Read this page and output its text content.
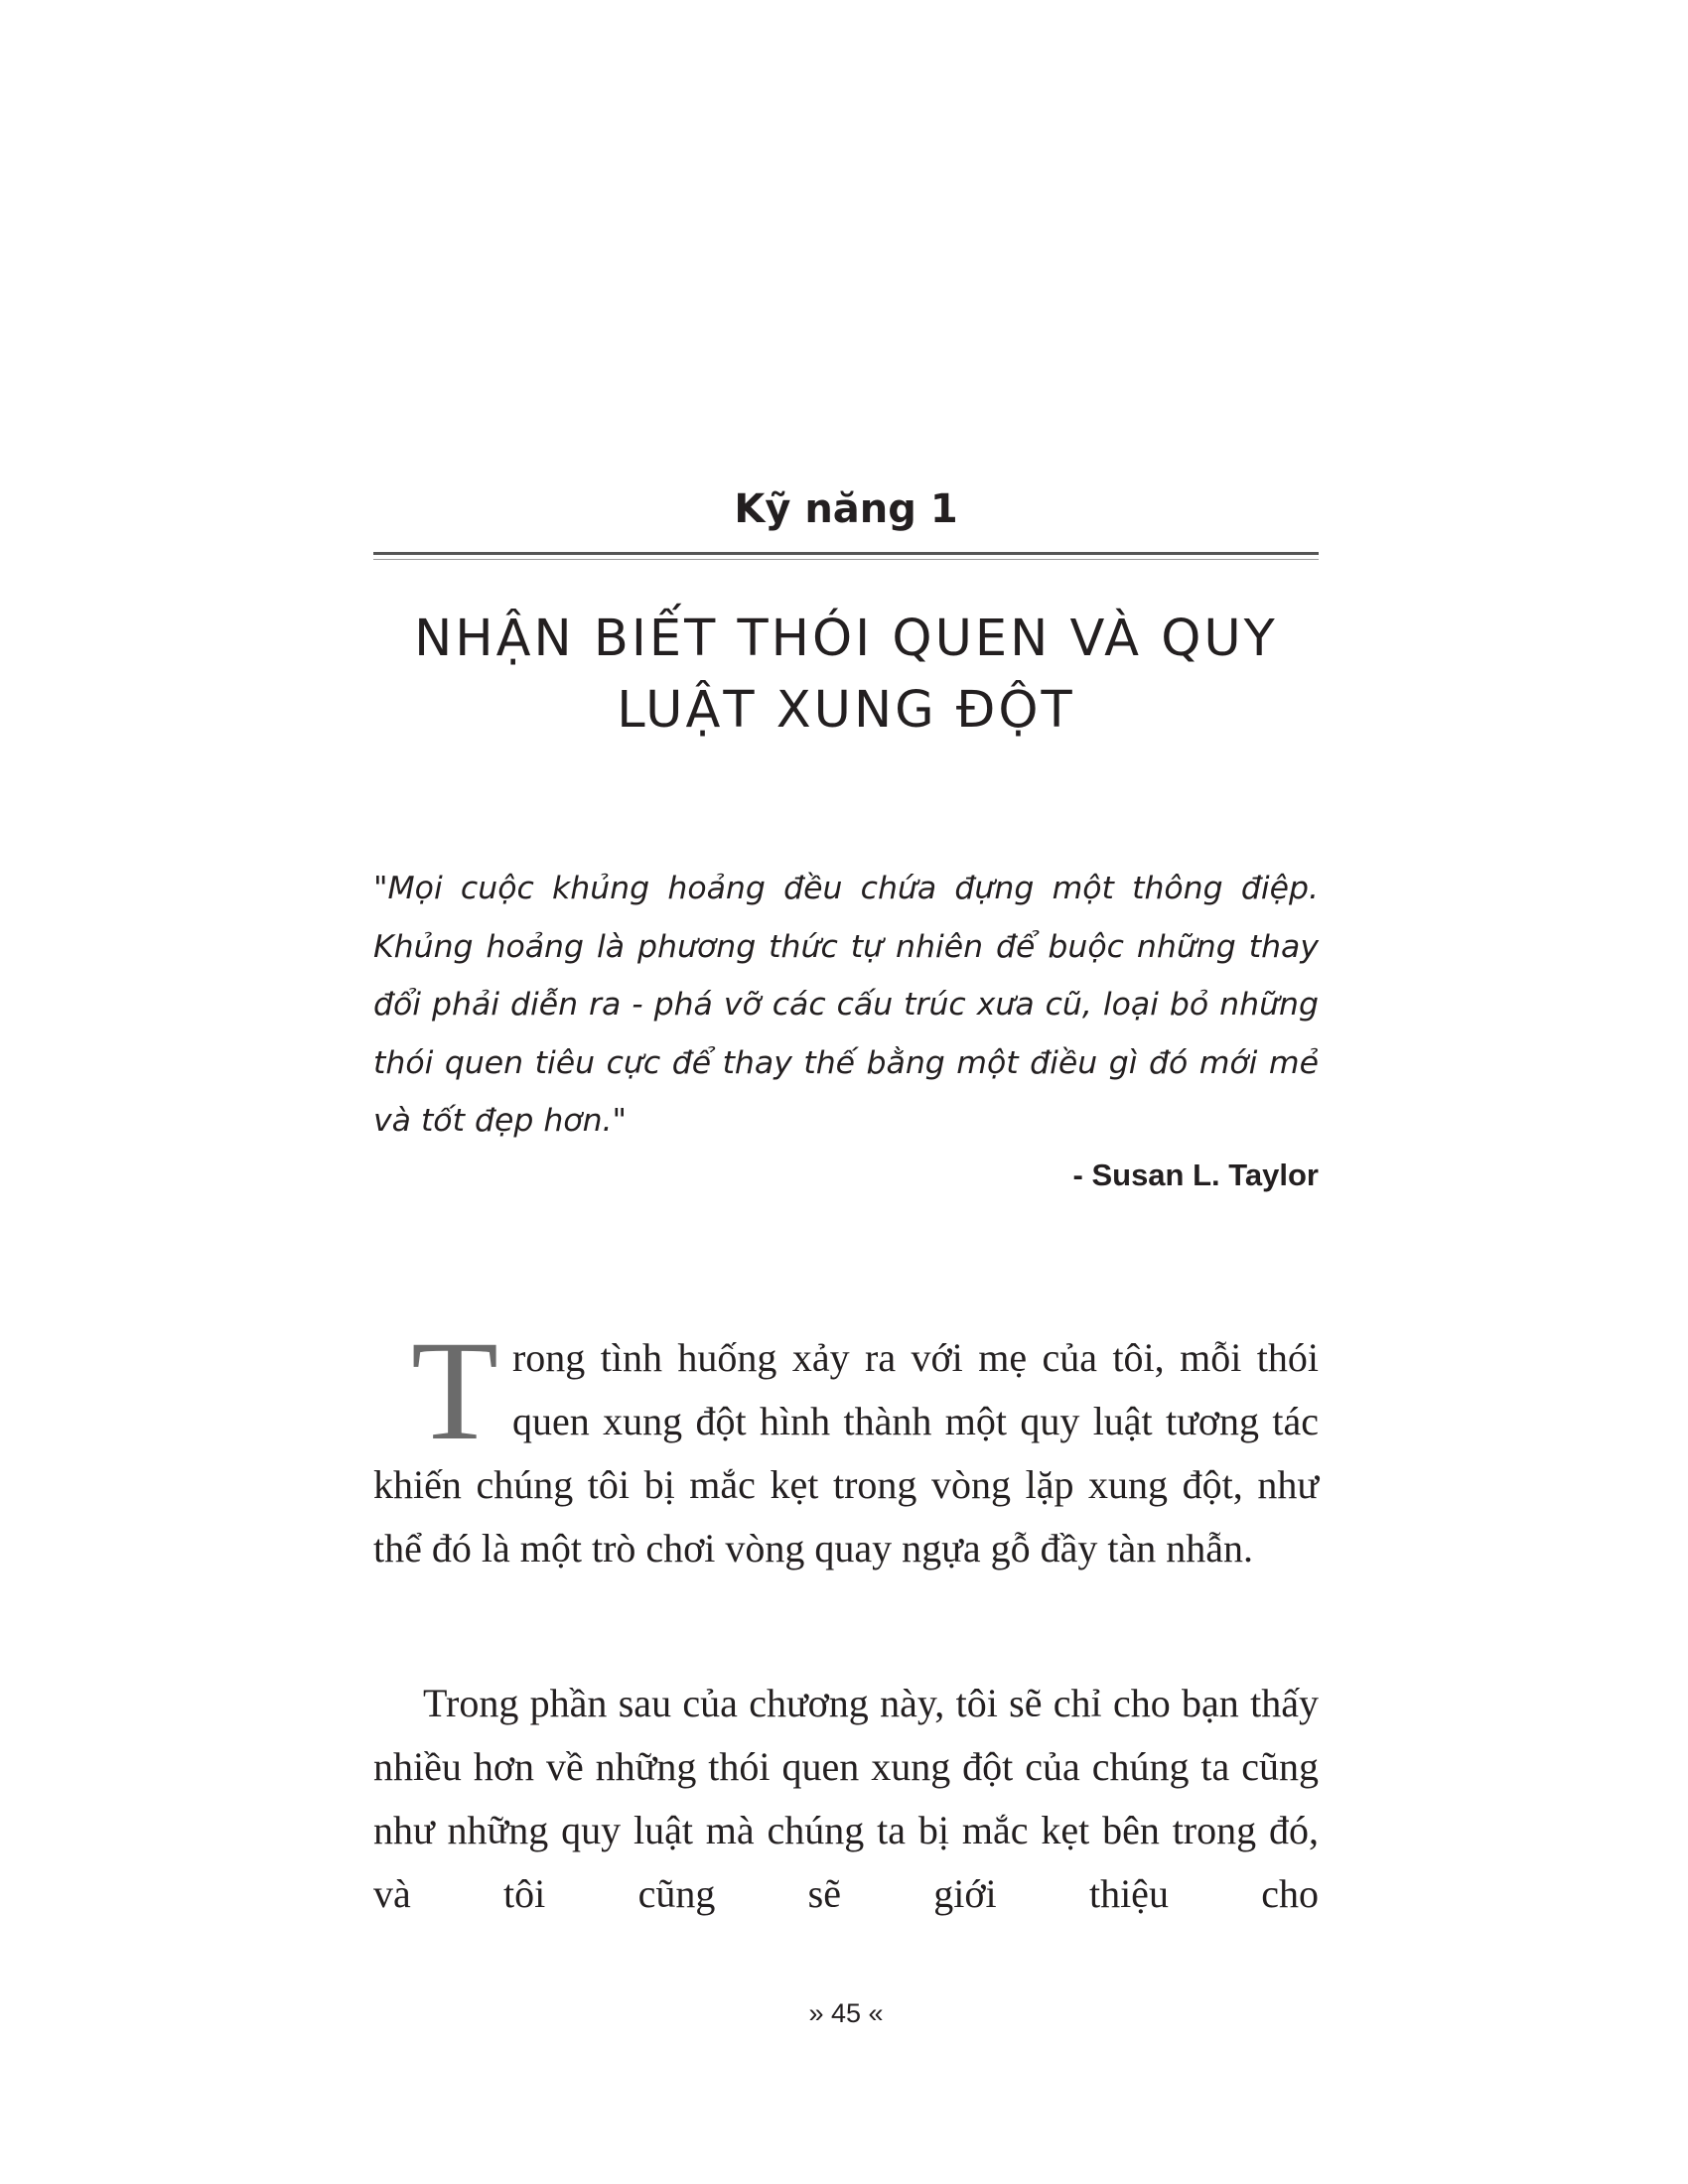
Kỹ năng 1
NHẬN BIẾT THÓI QUEN VÀ QUY LUẬT XUNG ĐỘT
"Mọi cuộc khủng hoảng đều chứa đựng một thông điệp. Khủng hoảng là phương thức tự nhiên để buộc những thay đổi phải diễn ra - phá vỡ các cấu trúc xưa cũ, loại bỏ những thói quen tiêu cực để thay thế bằng một điều gì đó mới mẻ và tốt đẹp hơn."
- Susan L. Taylor
Trong tình huống xảy ra với mẹ của tôi, mỗi thói quen xung đột hình thành một quy luật tương tác khiến chúng tôi bị mắc kẹt trong vòng lặp xung đột, như thể đó là một trò chơi vòng quay ngựa gỗ đầy tàn nhẫn.
Trong phần sau của chương này, tôi sẽ chỉ cho bạn thấy nhiều hơn về những thói quen xung đột của chúng ta cũng như những quy luật mà chúng ta bị mắc kẹt bên trong đó, và tôi cũng sẽ giới thiệu cho
» 45 «
